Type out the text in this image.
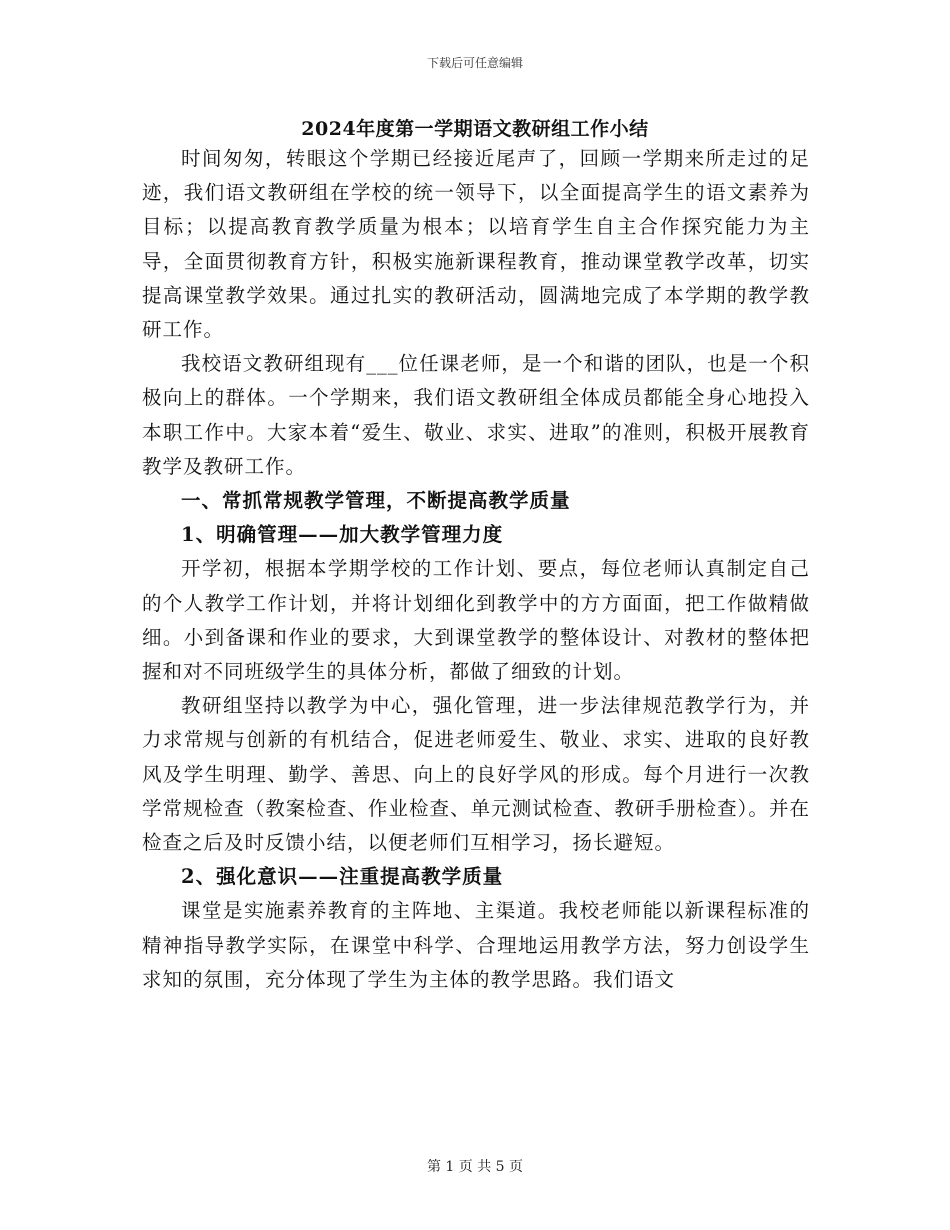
下载后可任意编辑
2024年度第一学期语文教研组工作小结

时间匆匆，转眼这个学期已经接近尾声了，回顾一学期来所走过的足迹，我们语文教研组在学校的统一领导下，以全面提高学生的语文素养为目标；以提高教育教学质量为根本；以培育学生自主合作探究能力为主导，全面贯彻教育方针，积极实施新课程教育，推动课堂教学改革，切实提高课堂教学效果。通过扎实的教研活动，圆满地完成了本学期的教学教研工作。

我校语文教研组现有___位任课老师，是一个和谐的团队，也是一个积极向上的群体。一个学期来，我们语文教研组全体成员都能全身心地投入本职工作中。大家本着“爱生、敬业、求实、进取”的准则，积极开展教育教学及教研工作。

一、常抓常规教学管理，不断提高教学质量

1、明确管理——加大教学管理力度

开学初，根据本学期学校的工作计划、要点，每位老师认真制定自己的个人教学工作计划，并将计划细化到教学中的方方面面，把工作做精做细。小到备课和作业的要求，大到课堂教学的整体设计、对教材的整体把握和对不同班级学生的具体分析，都做了细致的计划。

教研组坚持以教学为中心，强化管理，进一步法律规范教学行为，并力求常规与创新的有机结合，促进老师爱生、敬业、求实、进取的良好教风及学生明理、勤学、善思、向上的良好学风的形成。每个月进行一次教学常规检查（教案检查、作业检查、单元测试检查、教研手册检查）。并在检查之后及时反馈小结，以便老师们互相学习，扬长避短。

2、强化意识——注重提高教学质量

课堂是实施素养教育的主阵地、主渠道。我校老师能以新课程标准的精神指导教学实际，在课堂中科学、合理地运用教学方法，努力创设学生求知的氛围，充分体现了学生为主体的教学思路。我们语文

第 1 页 共 5 页
